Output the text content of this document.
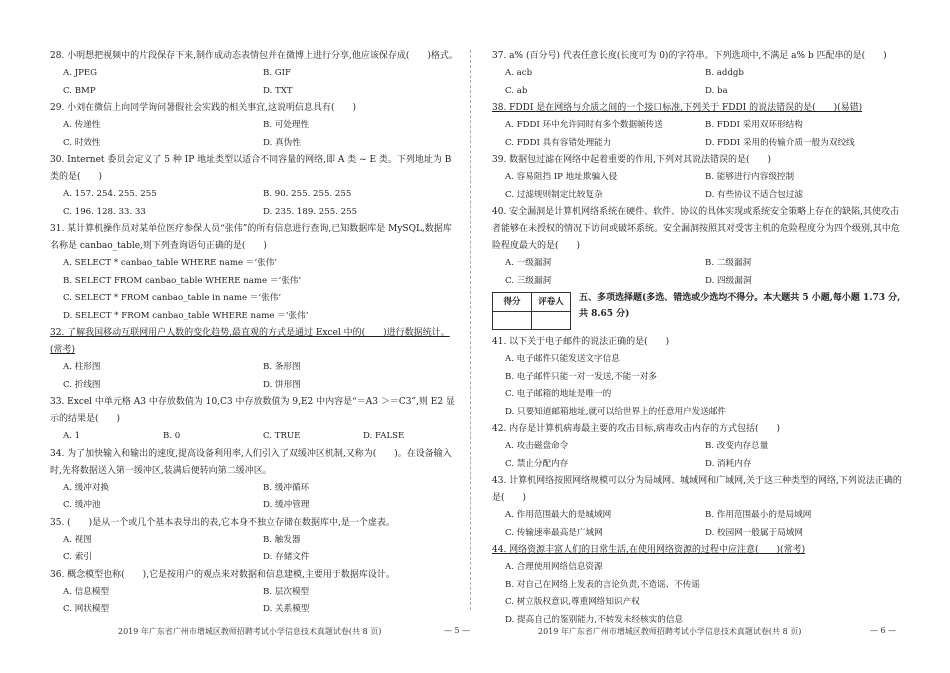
28. 小明想把视频中的片段保存下来,制作成动态表情包并在微博上进行分享,他应该保存成(　　)格式。

A. JPEG	B. GIF
C. BMP	D. TXT

29. 小刘在微信上向同学询问暑假社会实践的相关事宜,这说明信息具有(　　)

A. 传递性	B. 可处理性
C. 时效性	D. 真伪性

30. Internet 委员会定义了 5 种 IP 地址类型以适合不同容量的网络,即 A 类 ~ E 类。下列地址为 B 类的是(　　)

A. 157. 254. 255. 255	B. 90. 255. 255. 255
C. 196. 128. 33. 33	D. 235. 189. 255. 255

31. 某计算机操作员对某单位医疗参保人员“张伟”的所有信息进行查询,已知数据库是 MySQL,数据库名称是 canbao_table,则下列查询语句正确的是(　　)

A. SELECT * canbao_table WHERE name ＝‘张伟’
B. SELECT FROM canbao_table WHERE name ＝‘张伟’
C. SELECT * FROM canbao_table in name ＝‘张伟’
D. SELECT * FROM canbao_table WHERE name ＝‘张伟’

32. 了解我国移动互联网用户人数的变化趋势,最直观的方式是通过 Excel 中的(　　)进行数据统计。(常考)

A. 柱形图	B. 条形图
C. 折线图	D. 饼形图

33. Excel 中单元格 A3 中存放数值为 10,C3 中存放数值为 9,E2 中内容是“＝A3 ＞＝C3”,则 E2 显示的结果是(　　)

A. 1	B. 0	C. TRUE	D. FALSE

34. 为了加快输入和输出的速度,提高设备利用率,人们引入了双缓冲区机制,又称为(　　)。在设备输入时,先将数据送入第一缓冲区,装满后便转向第二缓冲区。

A. 缓冲对换	B. 缓冲循环
C. 缓冲池	D. 缓冲管理

35. (　　)是从一个或几个基本表导出的表,它本身不独立存储在数据库中,是一个虚表。

A. 视图	B. 触发器
C. 索引	D. 存储文件

36. 概念模型也称(　　),它是按用户的观点来对数据和信息建模,主要用于数据库设计。

A. 信息模型	B. 层次模型
C. 网状模型	D. 关系模型

37. a% (百分号) 代表任意长度(长度可为 0)的字符串。下列选项中,不满足 a% b 匹配串的是(　　)

A. acb	B. addgb
C. ab	D. ba

38. FDDI 是在网络与介质之间的一个接口标准,下列关于 FDDI 的说法错误的是(　　)(易错)

A. FDDI 环中允许同时有多个数据帧传送	B. FDDI 采用双环形结构
C. FDDI 具有容错处理能力	D. FDDI 采用的传输介质一般为双绞线

39. 数据包过滤在网络中起着重要的作用,下列对其说法错误的是(　　)

A. 容易阻挡 IP 地址欺骗入侵	B. 能够进行内容级控制
C. 过滤规则制定比较复杂	D. 有些协议不适合包过滤

40. 安全漏洞是计算机网络系统在硬件、软件、协议的具体实现或系统安全策略上存在的缺陷,其使攻击者能够在未授权的情况下访问或破坏系统。安全漏洞按照其对受害主机的危险程度分为四个级别,其中危险程度最大的是(　　)

A. 一级漏洞	B. 二级漏洞
C. 三级漏洞	D. 四级漏洞
得分	评卷人
		五、多项选择题(多选、错选或少选均不得分。本大题共 5 小题,每小题 1.73 分,共 8.65 分)

41. 以下关于电子邮件的说法正确的是(　　)

A. 电子邮件只能发送文字信息
B. 电子邮件只能一对一发送,不能一对多
C. 电子邮箱的地址是唯一的
D. 只要知道邮箱地址,就可以给世界上的任意用户发送邮件

42. 内存是计算机病毒最主要的攻击目标,病毒攻击内存的方式包括(　　)

A. 攻击磁盘命令	B. 改变内存总量
C. 禁止分配内存	D. 消耗内存

43. 计算机网络按照网络规模可以分为局域网、城域网和广域网,关于这三种类型的网络,下列说法正确的是(　　)

A. 作用范围最大的是城域网	B. 作用范围最小的是局域网
C. 传输速率最高是广域网	D. 校园网一般属于局域网

44. 网络资源丰富人们的日常生活,在使用网络资源的过程中应注意(　　)(常考)

A. 合理使用网络信息资源
B. 对自己在网络上发表的言论负责,不造谣、不传谣
C. 树立版权意识,尊重网络知识产权
D. 提高自己的鉴别能力,不转发未经核实的信息
2019 年广东省广州市增城区教师招聘考试小学信息技术真题试卷(共 8 页)	— 5 —	2019 年广东省广州市增城区教师招聘考试小学信息技术真题试卷(共 8 页)	— 6 —
